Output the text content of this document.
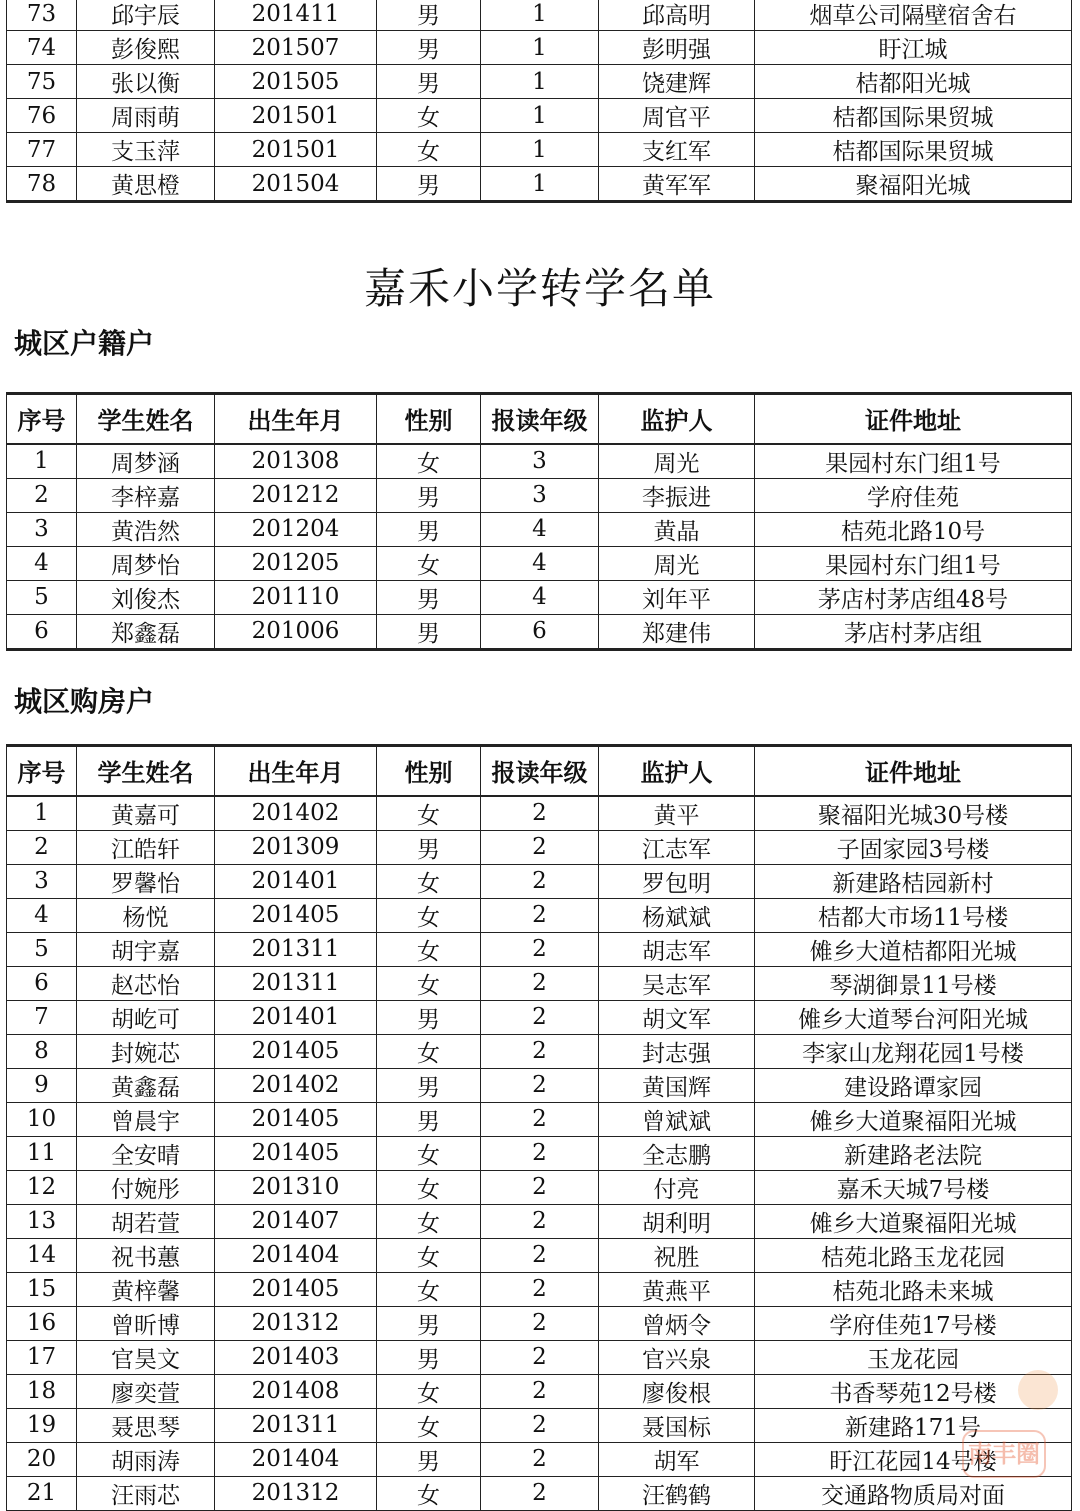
73	邱宇辰	201411	男	1	邱高明	烟草公司隔壁宿舍右
74	彭俊熙	201507	男	1	彭明强	盱江城
75	张以衡	201505	男	1	饶建辉	桔都阳光城
76	周雨萌	201501	女	1	周官平	桔都国际果贸城
77	支玉萍	201501	女	1	支红军	桔都国际果贸城
78	黄思橙	201504	男	1	黄军军	聚福阳光城
嘉禾小学转学名单
城区户籍户
序号	学生姓名	出生年月	性别	报读年级	监护人	证件地址
1	周梦涵	201308	女	3	周光	果园村东门组1号
2	李梓嘉	201212	男	3	李振进	学府佳苑
3	黄浩然	201204	男	4	黄晶	桔苑北路10号
4	周梦怡	201205	女	4	周光	果园村东门组1号
5	刘俊杰	201110	男	4	刘年平	茅店村茅店组48号
6	郑鑫磊	201006	男	6	郑建伟	茅店村茅店组
城区购房户
序号	学生姓名	出生年月	性别	报读年级	监护人	证件地址
1	黄嘉可	201402	女	2	黄平	聚福阳光城30号楼
2	江皓轩	201309	男	2	江志军	子固家园3号楼
3	罗馨怡	201401	女	2	罗包明	新建路桔园新村
4	杨悦	201405	女	2	杨斌斌	桔都大市场11号楼
5	胡宇嘉	201311	女	2	胡志军	傩乡大道桔都阳光城
6	赵芯怡	201311	女	2	吴志军	琴湖御景11号楼
7	胡屹可	201401	男	2	胡文军	傩乡大道琴台河阳光城
8	封婉芯	201405	女	2	封志强	李家山龙翔花园1号楼
9	黄鑫磊	201402	男	2	黄国辉	建设路谭家园
10	曾晨宇	201405	男	2	曾斌斌	傩乡大道聚福阳光城
11	全安晴	201405	女	2	全志鹏	新建路老法院
12	付婉彤	201310	女	2	付亮	嘉禾天城7号楼
13	胡若萱	201407	女	2	胡利明	傩乡大道聚福阳光城
14	祝书蕙	201404	女	2	祝胜	桔苑北路玉龙花园
15	黄梓馨	201405	女	2	黄燕平	桔苑北路未来城
16	曾昕博	201312	男	2	曾炳令	学府佳苑17号楼
17	官昊文	201403	男	2	官兴泉	玉龙花园
18	廖奕萱	201408	女	2	廖俊根	书香琴苑12号楼
19	聂思琴	201311	女	2	聂国标	新建路171号
20	胡雨涛	201404	男	2	胡军	盱江花园14号楼
21	汪雨芯	201312	女	2	汪鹤鹤	交通路物质局对面
南丰圈
